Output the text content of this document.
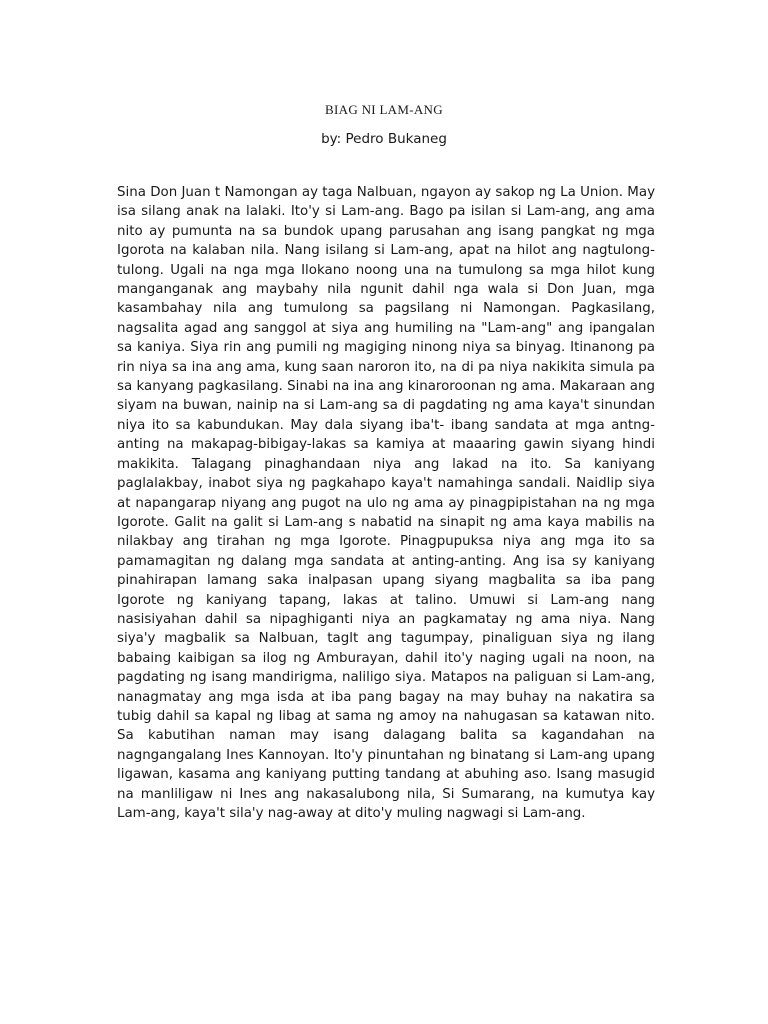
BIAG NI LAM-ANG
by: Pedro Bukaneg
Sina Don Juan t Namongan ay taga Nalbuan, ngayon ay sakop ng La Union. May isa silang anak na lalaki. Ito'y si Lam-ang. Bago pa isilan si Lam-ang, ang ama nito ay pumunta na sa bundok upang parusahan ang isang pangkat ng mga Igorota na kalaban nila. Nang isilang si Lam-ang, apat na hilot ang nagtulong-tulong. Ugali na nga mga Ilokano noong una na tumulong sa mga hilot kung manganganak ang maybahy nila ngunit dahil nga wala si Don Juan, mga kasambahay nila ang tumulong sa pagsilang ni Namongan. Pagkasilang, nagsalita agad ang sanggol at siya ang humiling na "Lam-ang" ang ipangalan sa kaniya. Siya rin ang pumili ng magiging ninong niya sa binyag. Itinanong pa rin niya sa ina ang ama, kung saan naroron ito, na di pa niya nakikita simula pa sa kanyang pagkasilang. Sinabi na ina ang kinaroroonan ng ama. Makaraan ang siyam na buwan, nainip na si Lam-ang sa di pagdating ng ama kaya't sinundan niya ito sa kabundukan. May dala siyang iba't- ibang sandata at mga antng-anting na makapag-bibigay-lakas sa kamiya at maaaring gawin siyang hindi makikita. Talagang pinaghandaan niya ang lakad na ito. Sa kaniyang paglalakbay, inabot siya ng pagkahapo kaya't namahinga sandali. Naidlip siya at napangarap niyang ang pugot na ulo ng ama ay pinagpipistahan na ng mga Igorote. Galit na galit si Lam-ang s nabatid na sinapit ng ama kaya mabilis na nilakbay ang tirahan ng mga Igorote. Pinagpupuksa niya ang mga ito sa pamamagitan ng dalang mga sandata at anting-anting. Ang isa sy kaniyang pinahirapan lamang saka inalpasan upang siyang magbalita sa iba pang Igorote ng kaniyang tapang, lakas at talino. Umuwi si Lam-ang nang nasisiyahan dahil sa nipaghiganti niya an pagkamatay ng ama niya. Nang siya'y magbalik sa Nalbuan, taglt ang tagumpay, pinaliguan siya ng ilang babaing kaibigan sa ilog ng Amburayan, dahil ito'y naging ugali na noon, na pagdating ng isang mandirigma, naliligo siya. Matapos na paliguan si Lam-ang, nanagmatay ang mga isda at iba pang bagay na may buhay na nakatira sa tubig dahil sa kapal ng libag at sama ng amoy na nahugasan sa katawan nito. Sa kabutihan naman may isang dalagang balita sa kagandahan na nagngangalang Ines Kannoyan. Ito'y pinuntahan ng binatang si Lam-ang upang ligawan, kasama ang kaniyang putting tandang at abuhing aso. Isang masugid na manliligaw ni Ines ang nakasalubong nila, Si Sumarang, na kumutya kay Lam-ang, kaya't sila'y nag-away at dito'y muling nagwagi si Lam-ang.
